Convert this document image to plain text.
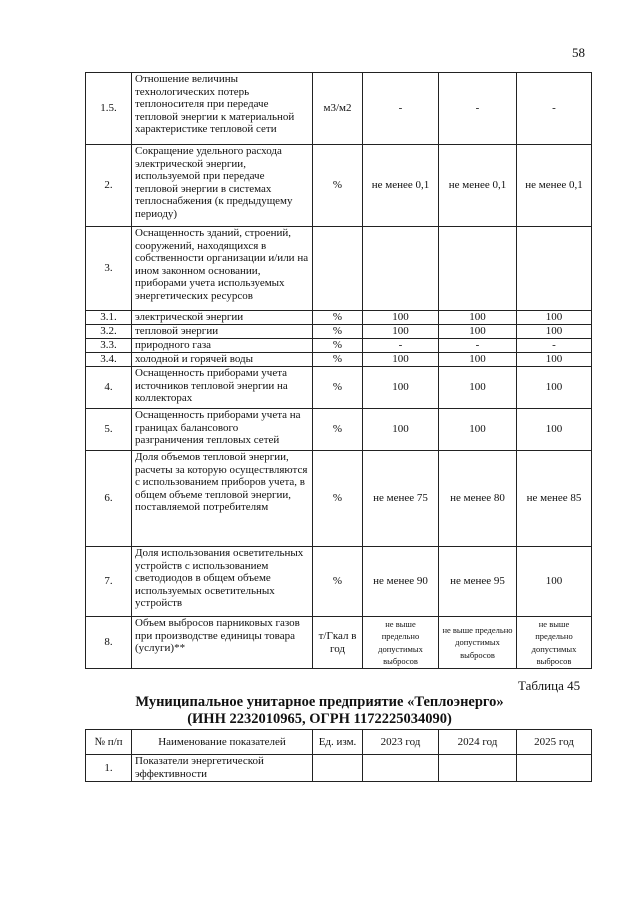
58
1.5.	Отношение величины технологических потерь теплоносителя при передаче тепловой энергии к материальной характеристике тепловой сети	м3/м2	-	-	-
2.	Сокращение удельного расхода электрической энергии, используемой при передаче тепловой энергии в системах теплоснабжения (к предыдущему периоду)	%	не менее 0,1	не менее 0,1	не менее 0,1
3.	Оснащенность зданий, строений, сооружений, находящихся в собственности организации и/или на ином законном основании, приборами учета используемых энергетических ресурсов				
3.1.	электрической энергии	%	100	100	100
3.2.	тепловой энергии	%	100	100	100
3.3.	природного газа	%	-	-	-
3.4.	холодной и горячей воды	%	100	100	100
4.	Оснащенность приборами учета источников тепловой энергии на коллекторах	%	100	100	100
5.	Оснащенность приборами учета на границах балансового разграничения тепловых сетей	%	100	100	100
6.	Доля объемов тепловой энергии, расчеты за которую осуществляются с использованием приборов учета, в общем объеме тепловой энергии, поставляемой потребителям	%	не менее 75	не менее 80	не менее 85
7.	Доля использования осветительных устройств с использованием светодиодов в общем объеме используемых осветительных устройств	%	не менее 90	не менее 95	100
8.	Объем выбросов парниковых газов при производстве единицы товара (услуги)**	т/Гкал в год	не выше предельно допустимых выбросов	не выше предельно допустимых выбросов	не выше предельно допустимых выбросов
Таблица 45
Муниципальное унитарное предприятие «Теплоэнерго»
(ИНН 2232010965, ОГРН 1172225034090)
№ п/п	Наименование показателей	Ед. изм.	2023 год	2024 год	2025 год
1.	Показатели энергетической эффективности				
